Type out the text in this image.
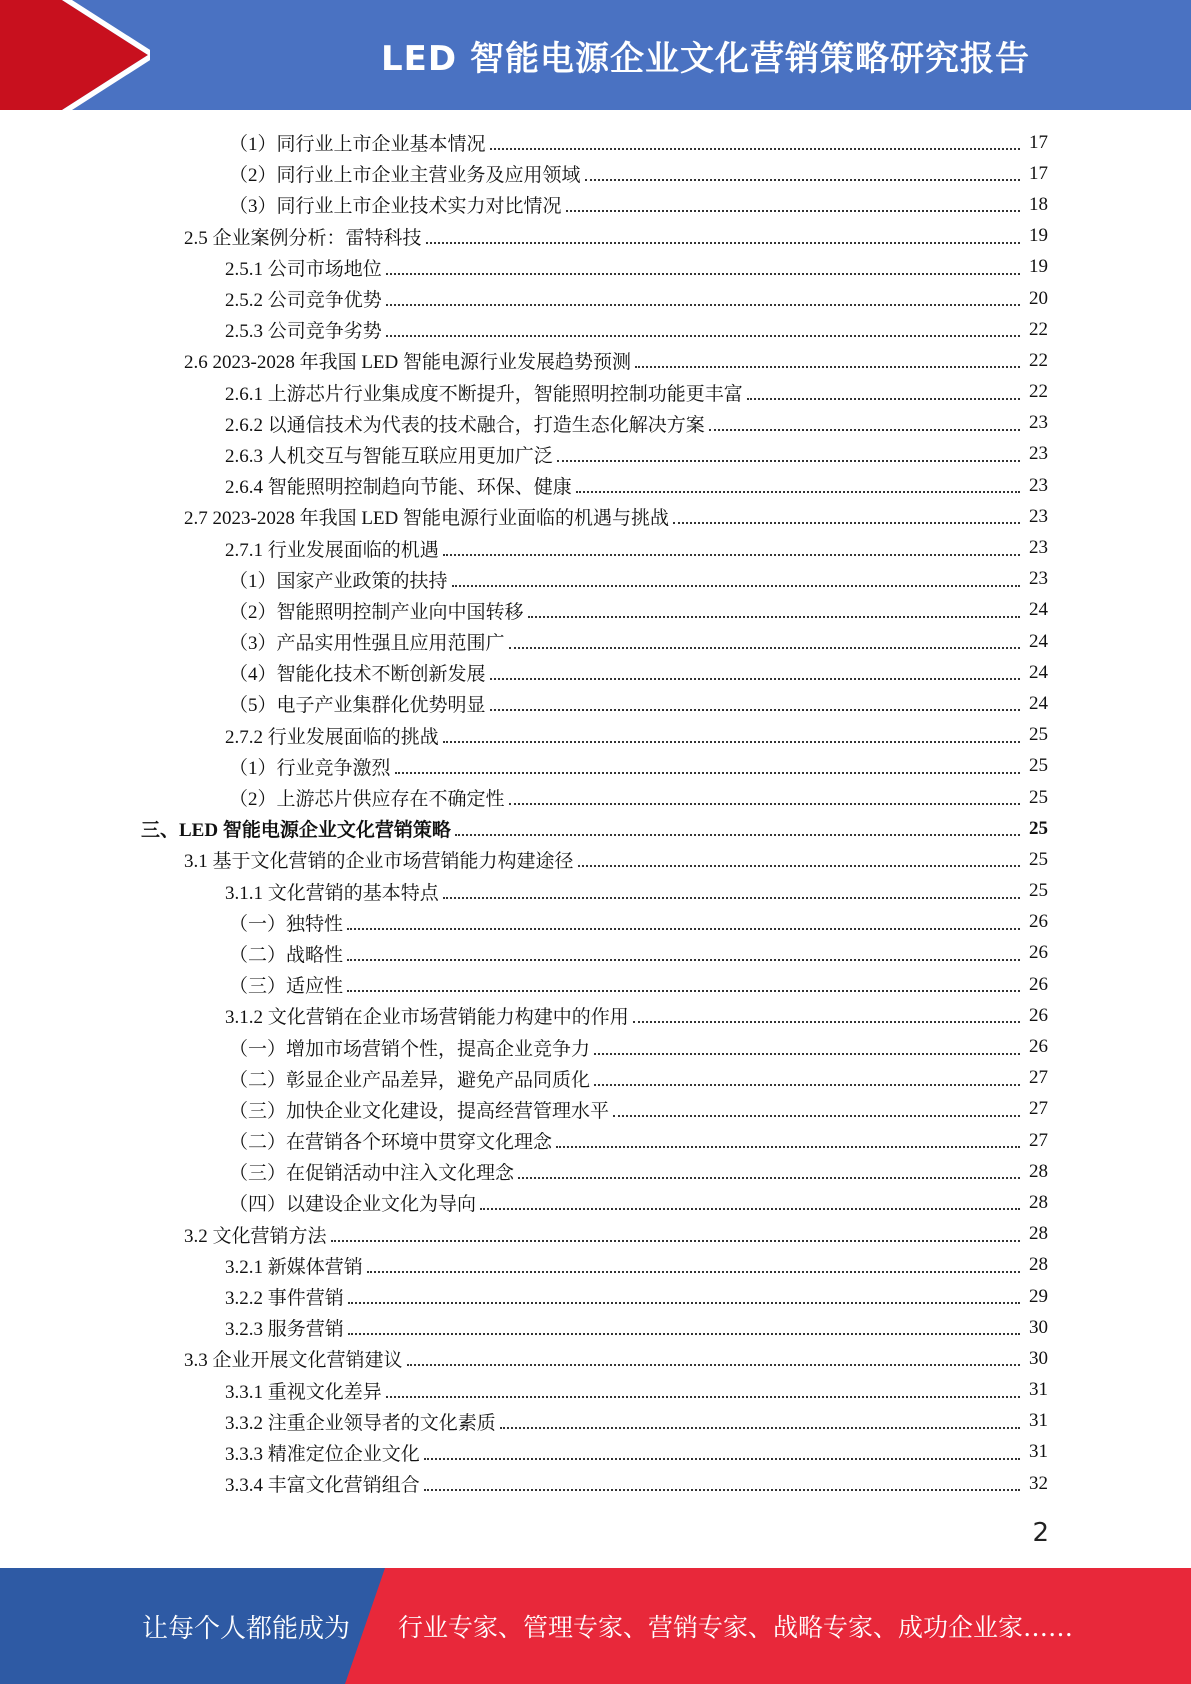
LED 智能电源企业文化营销策略研究报告
（1）同行业上市企业基本情况	17
（2）同行业上市企业主营业务及应用领域	17
（3）同行业上市企业技术实力对比情况	18
2.5 企业案例分析：雷特科技	19
2.5.1 公司市场地位	19
2.5.2 公司竞争优势	20
2.5.3 公司竞争劣势	22
2.6 2023-2028 年我国 LED 智能电源行业发展趋势预测	22
2.6.1 上游芯片行业集成度不断提升，智能照明控制功能更丰富	22
2.6.2 以通信技术为代表的技术融合，打造生态化解决方案	23
2.6.3 人机交互与智能互联应用更加广泛	23
2.6.4 智能照明控制趋向节能、环保、健康	23
2.7 2023-2028 年我国 LED 智能电源行业面临的机遇与挑战	23
2.7.1 行业发展面临的机遇	23
（1）国家产业政策的扶持	23
（2）智能照明控制产业向中国转移	24
（3）产品实用性强且应用范围广	24
（4）智能化技术不断创新发展	24
（5）电子产业集群化优势明显	24
2.7.2 行业发展面临的挑战	25
（1）行业竞争激烈	25
（2）上游芯片供应存在不确定性	25
三、LED 智能电源企业文化营销策略	25
3.1 基于文化营销的企业市场营销能力构建途径	25
3.1.1 文化营销的基本特点	25
（一）独特性	26
（二）战略性	26
（三）适应性	26
3.1.2 文化营销在企业市场营销能力构建中的作用	26
（一）增加市场营销个性，提高企业竞争力	26
（二）彰显企业产品差异，避免产品同质化	27
（三）加快企业文化建设，提高经营管理水平	27
（二）在营销各个环境中贯穿文化理念	27
（三）在促销活动中注入文化理念	28
（四）以建设企业文化为导向	28
3.2 文化营销方法	28
3.2.1 新媒体营销	28
3.2.2 事件营销	29
3.2.3 服务营销	30
3.3 企业开展文化营销建议	30
3.3.1 重视文化差异	31
3.3.2 注重企业领导者的文化素质	31
3.3.3 精准定位企业文化	31
3.3.4 丰富文化营销组合	32
2
让每个人都能成为 行业专家、管理专家、营销专家、战略专家、成功企业家……
